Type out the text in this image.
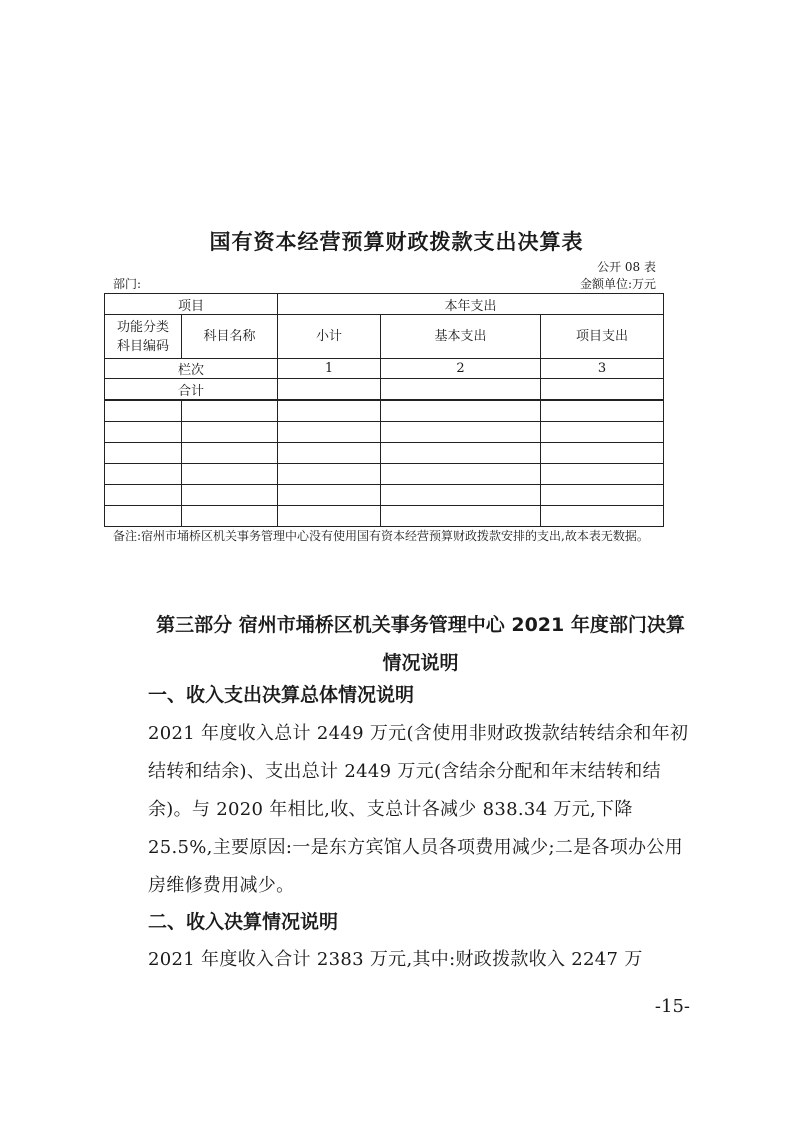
国有资本经营预算财政拨款支出决算表
公开 08 表
部门:	金额单位:万元
项目		本年支出		
功能分类科目编码	科目名称	小计	基本支出	项目支出
栏次		1	2	3
合计				

备注:宿州市埇桥区机关事务管理中心没有使用国有资本经营预算财政拨款安排的支出,故本表无数据。
第三部分 宿州市埇桥区机关事务管理中心 2021 年度部门决算情况说明
一、收入支出决算总体情况说明
2021 年度收入总计 2449 万元(含使用非财政拨款结转结余和年初结转和结余)、支出总计 2449 万元(含结余分配和年末结转和结余)。与 2020 年相比,收、支总计各减少 838.34 万元,下降 25.5%,主要原因:一是东方宾馆人员各项费用减少;二是各项办公用房维修费用减少。
二、收入决算情况说明
2021 年度收入合计 2383 万元,其中:财政拨款收入 2247 万
-15-
